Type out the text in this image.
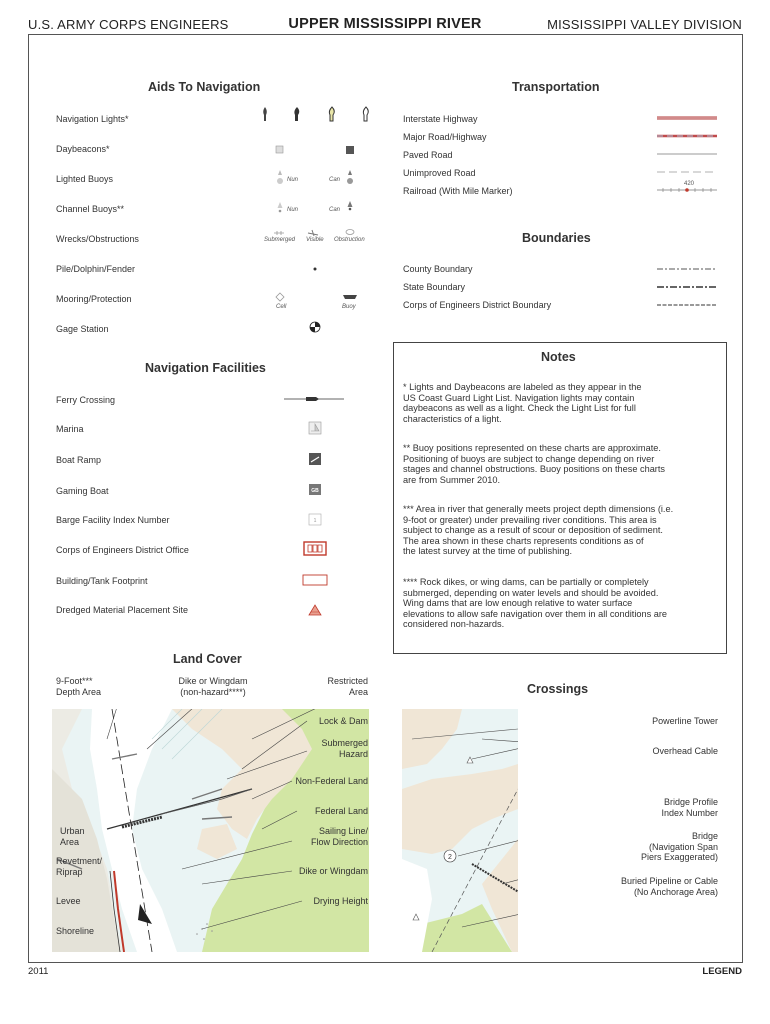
U.S. ARMY CORPS ENGINEERS	UPPER MISSISSIPPI RIVER	MISSISSIPPI VALLEY DIVISION
Aids To Navigation
Navigation Lights*
Daybeacons*
Lighted Buoys
Channel Buoys**
Wrecks/Obstructions
Pile/Dolphin/Fender
Mooring/Protection
Gage Station
Nun	Can
Nun	Can
Submerged Visible Obstruction
Cell	Buoy
Transportation
Interstate Highway
Major Road/Highway
Paved Road
Unimproved Road
Railroad (With Mile Marker)
420
Boundaries
County Boundary
State Boundary
Corps of Engineers District Boundary
Navigation Facilities
Ferry Crossing
Marina
Boat Ramp
Gaming Boat
Barge Facility Index Number
Corps of Engineers District Office
Building/Tank Footprint
Dredged Material Placement Site
GB
1
Notes
* Lights and Daybeacons are labeled as they appear in the
US Coast Guard Light List. Navigation lights may contain
daybeacons as well as a light. Check the Light List for full
characteristics of a light.
** Buoy positions represented on these charts are approximate.
Positioning of buoys are subject to change depending on river
stages and channel obstructions. Buoy positions on these charts
are from Summer 2010.
*** Area in river that generally meets project depth dimensions (i.e.
9-foot or greater) under prevailing river conditions. This area is
subject to change as a result of scour or deposition of sediment.
The area shown in these charts represents conditions as of
the latest survey at the time of publishing.
**** Rock dikes, or wing dams, can be partially or completely
submerged, depending on water levels and should be avoided.
Wing dams that are low enough relative to water surface
elevations to allow safe navigation over them in all conditions are
considered non-hazards.
Land Cover
9-Foot***
Depth Area
Dike or Wingdam
(non-hazard****)
Restricted
Area
Lock & Dam
Submerged
Hazard
Non-Federal Land
Federal Land
Sailing Line/
Flow Direction
Dike or Wingdam
Drying Height
Urban
Area
Revetment/
Riprap
Levee
Shoreline
Crossings
2
Powerline Tower
Overhead Cable
Bridge Profile
Index Number
Bridge
(Navigation Span
Piers Exaggerated)
Buried Pipeline or Cable
(No Anchorage Area)
2011	LEGEND
